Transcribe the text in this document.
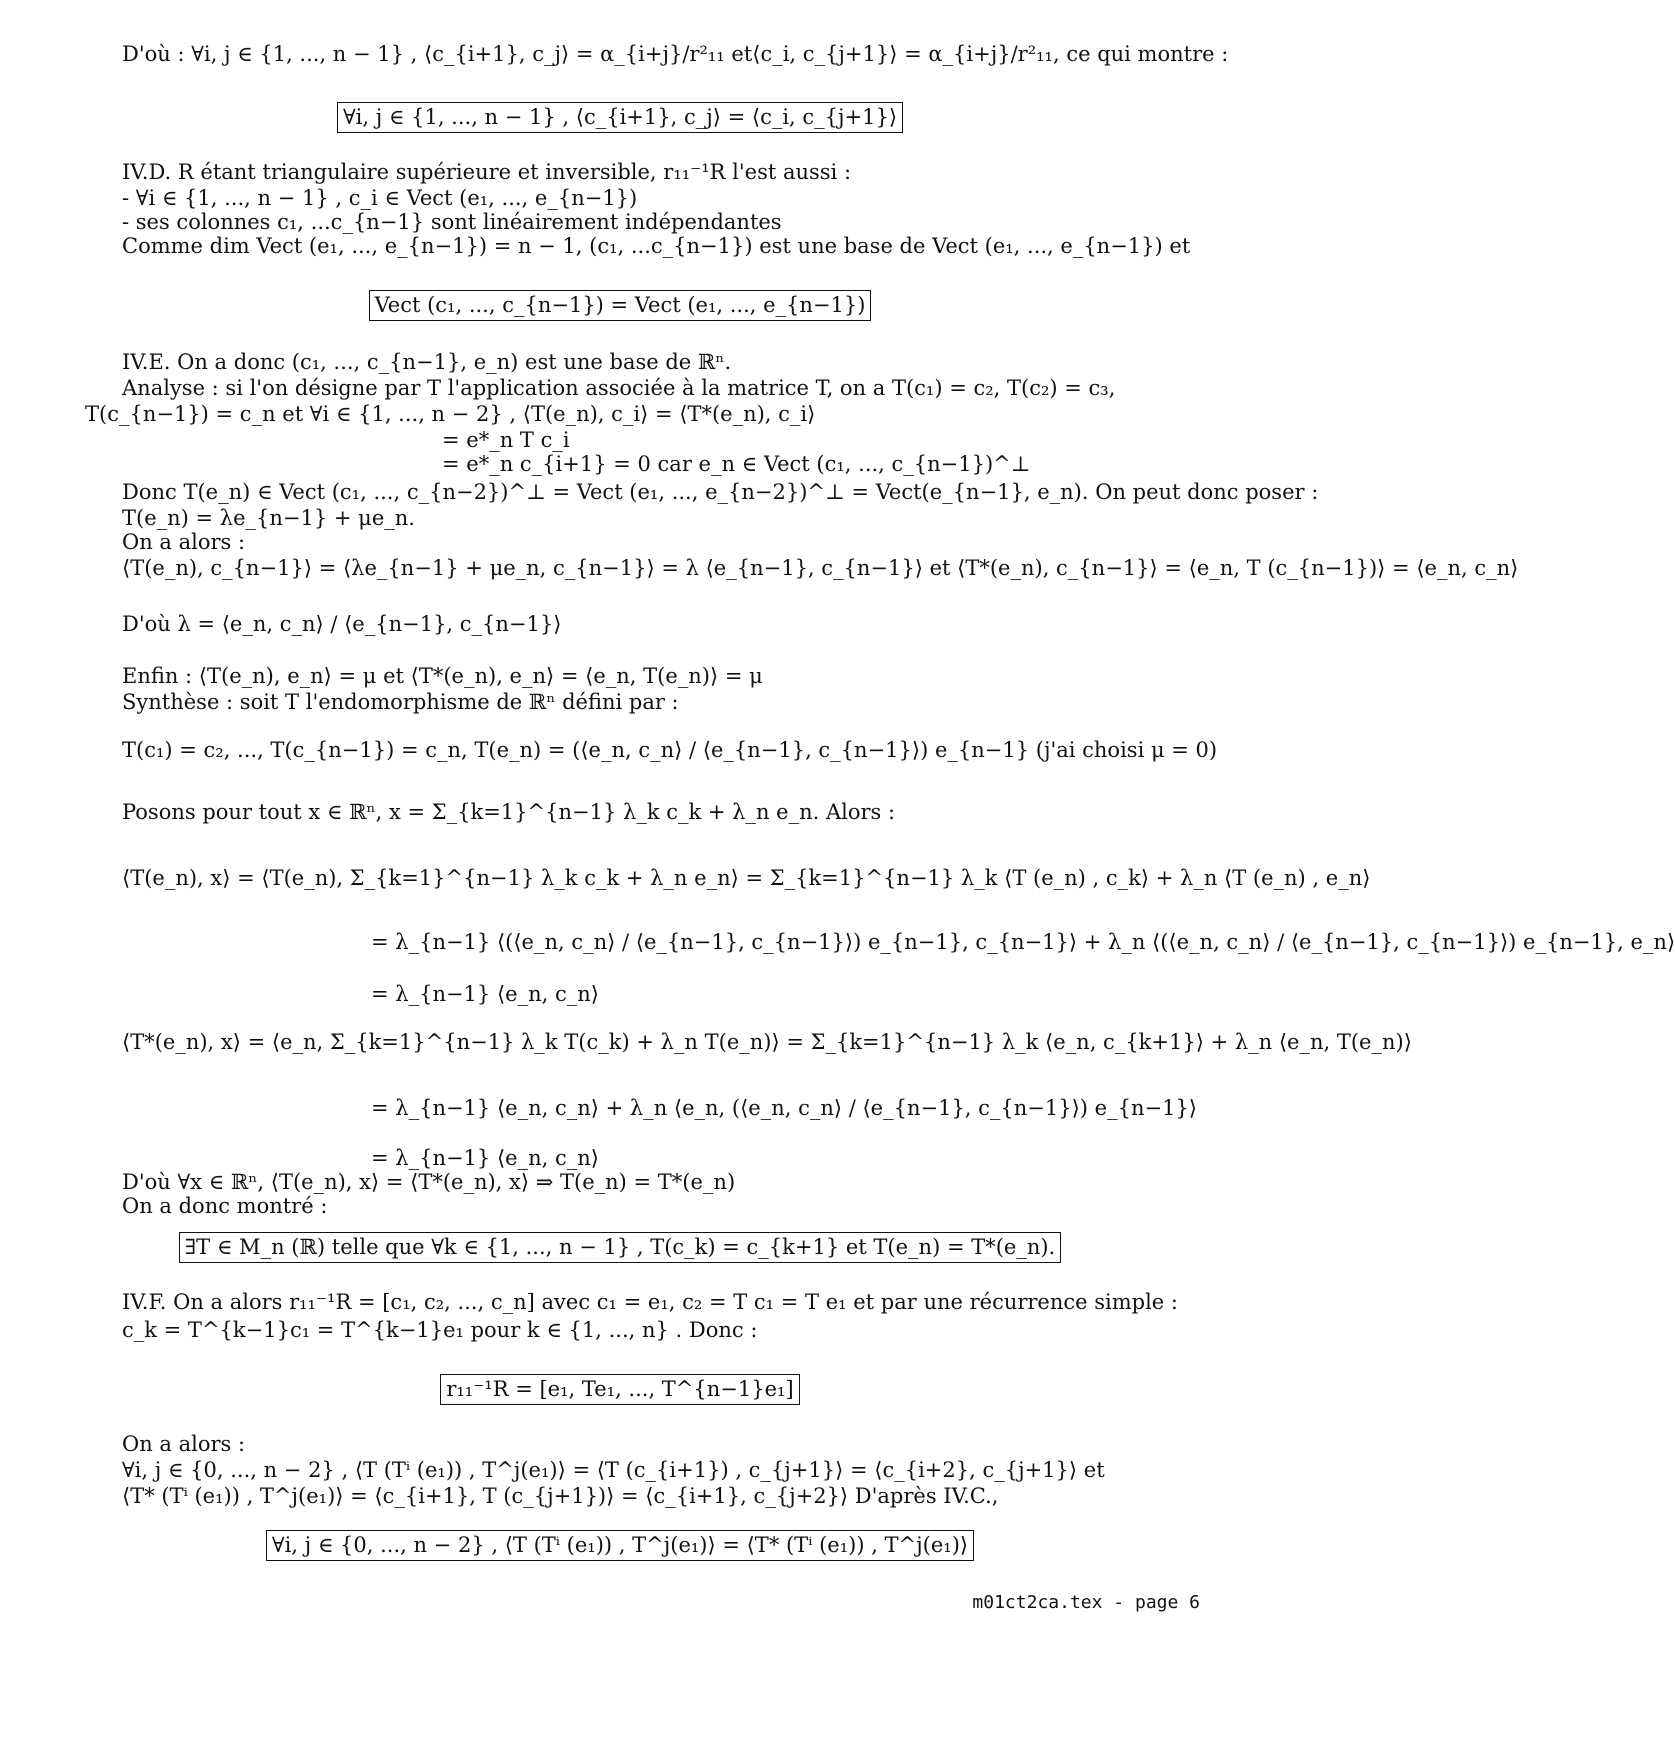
D'où : ∀i, j ∈ {1, ..., n − 1} , ⟨c_{i+1}, c_j⟩ = α_{i+j}/r²₁₁ et⟨c_i, c_{j+1}⟩ = α_{i+j}/r²₁₁, ce qui montre :
∀i, j ∈ {1, ..., n − 1} , ⟨c_{i+1}, c_j⟩ = ⟨c_i, c_{j+1}⟩
IV.D. R étant triangulaire supérieure et inversible, r₁₁⁻¹R l'est aussi :
- ∀i ∈ {1, ..., n − 1} , c_i ∈ Vect (e₁, ..., e_{n−1})
- ses colonnes c₁, ...c_{n−1} sont linéairement indépendantes
Comme dim Vect (e₁, ..., e_{n−1}) = n − 1, (c₁, ...c_{n−1}) est une base de Vect (e₁, ..., e_{n−1}) et
Vect (c₁, ..., c_{n−1}) = Vect (e₁, ..., e_{n−1})
IV.E. On a donc (c₁, ..., c_{n−1}, e_n) est une base de ℝⁿ.
Analyse : si l'on désigne par T l'application associée à la matrice T, on a T(c₁) = c₂, T(c₂) = c₃,
T(c_{n−1}) = c_n et ∀i ∈ {1, ..., n − 2} , ⟨T(e_n), c_i⟩ = ⟨T*(e_n), c_i⟩
= e*_n T c_i
= e*_n c_{i+1} = 0 car e_n ∈ Vect (c₁, ..., c_{n−1})^⊥
Donc T(e_n) ∈ Vect (c₁, ..., c_{n−2})^⊥ = Vect (e₁, ..., e_{n−2})^⊥ = Vect(e_{n−1}, e_n). On peut donc poser :
T(e_n) = λe_{n−1} + μe_n.
On a alors :
⟨T(e_n), c_{n−1}⟩ = ⟨λe_{n−1} + μe_n, c_{n−1}⟩ = λ ⟨e_{n−1}, c_{n−1}⟩ et ⟨T*(e_n), c_{n−1}⟩ = ⟨e_n, T (c_{n−1})⟩ = ⟨e_n, c_n⟩
D'où λ = ⟨e_n, c_n⟩ / ⟨e_{n−1}, c_{n−1}⟩
Enfin : ⟨T(e_n), e_n⟩ = μ et ⟨T*(e_n), e_n⟩ = ⟨e_n, T(e_n)⟩ = μ
Synthèse : soit T l'endomorphisme de ℝⁿ défini par :
T(c₁) = c₂, ..., T(c_{n−1}) = c_n, T(e_n) = (⟨e_n, c_n⟩ / ⟨e_{n−1}, c_{n−1}⟩) e_{n−1} (j'ai choisi μ = 0)
Posons pour tout x ∈ ℝⁿ, x = Σ_{k=1}^{n−1} λ_k c_k + λ_n e_n. Alors :
⟨T(e_n), x⟩ = ⟨T(e_n), Σ_{k=1}^{n−1} λ_k c_k + λ_n e_n⟩ = Σ_{k=1}^{n−1} λ_k ⟨T (e_n) , c_k⟩ + λ_n ⟨T (e_n) , e_n⟩
= λ_{n−1} ⟨(⟨e_n, c_n⟩ / ⟨e_{n−1}, c_{n−1}⟩) e_{n−1}, c_{n−1}⟩ + λ_n ⟨(⟨e_n, c_n⟩ / ⟨e_{n−1}, c_{n−1}⟩) e_{n−1}, e_n⟩
= λ_{n−1} ⟨e_n, c_n⟩
⟨T*(e_n), x⟩ = ⟨e_n, Σ_{k=1}^{n−1} λ_k T(c_k) + λ_n T(e_n)⟩ = Σ_{k=1}^{n−1} λ_k ⟨e_n, c_{k+1}⟩ + λ_n ⟨e_n, T(e_n)⟩
= λ_{n−1} ⟨e_n, c_n⟩ + λ_n ⟨e_n, (⟨e_n, c_n⟩ / ⟨e_{n−1}, c_{n−1}⟩) e_{n−1}⟩
= λ_{n−1} ⟨e_n, c_n⟩
D'où ∀x ∈ ℝⁿ, ⟨T(e_n), x⟩ = ⟨T*(e_n), x⟩ ⇒ T(e_n) = T*(e_n)
On a donc montré :
∃T ∈ M_n (ℝ) telle que ∀k ∈ {1, ..., n − 1} , T(c_k) = c_{k+1} et T(e_n) = T*(e_n).
IV.F. On a alors r₁₁⁻¹R = [c₁, c₂, ..., c_n] avec c₁ = e₁, c₂ = T c₁ = T e₁ et par une récurrence simple :
c_k = T^{k−1}c₁ = T^{k−1}e₁ pour k ∈ {1, ..., n} . Donc :
r₁₁⁻¹R = [e₁, Te₁, ..., T^{n−1}e₁]
On a alors :
∀i, j ∈ {0, ..., n − 2} , ⟨T (Tⁱ (e₁)) , T^j(e₁)⟩ = ⟨T (c_{i+1}) , c_{j+1}⟩ = ⟨c_{i+2}, c_{j+1}⟩ et
⟨T* (Tⁱ (e₁)) , T^j(e₁)⟩ = ⟨c_{i+1}, T (c_{j+1})⟩ = ⟨c_{i+1}, c_{j+2}⟩ D'après IV.C.,
∀i, j ∈ {0, ..., n − 2} , ⟨T (Tⁱ (e₁)) , T^j(e₁)⟩ = ⟨T* (Tⁱ (e₁)) , T^j(e₁)⟩
m01ct2ca.tex - page 6
